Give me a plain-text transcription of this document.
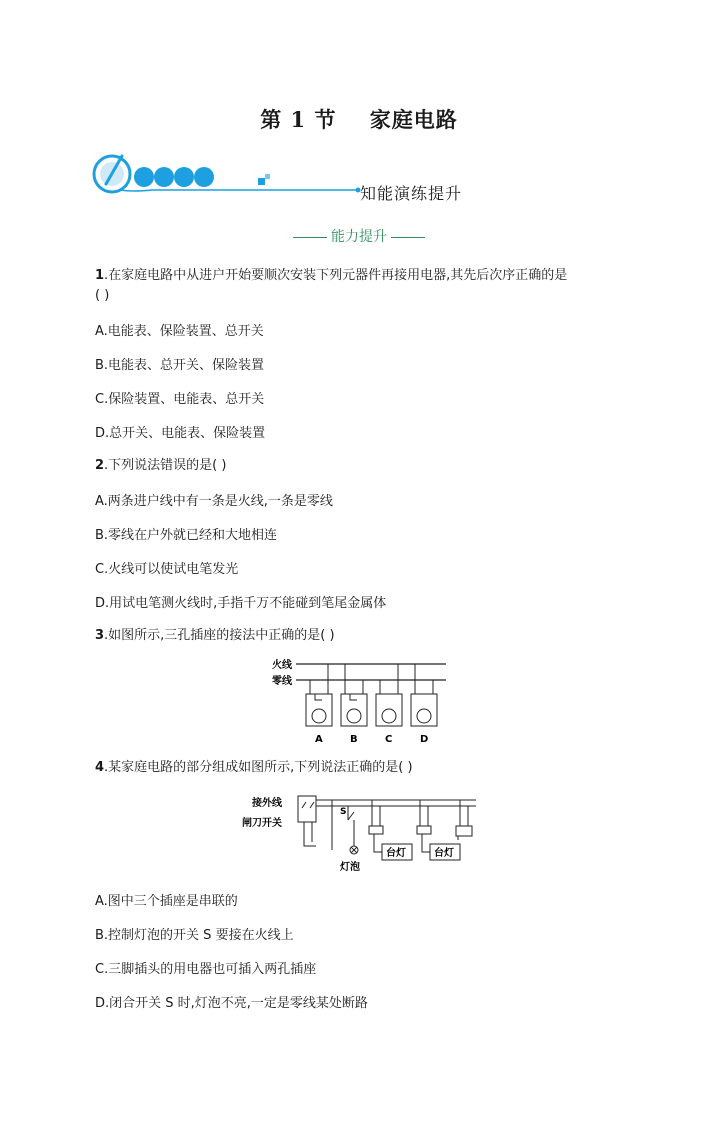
第 1 节    家庭电路
知能演练提升
能力提升
1.在家庭电路中从进户开始要顺次安装下列元器件再接用电器,其先后次序正确的是
( )
A.电能表、保险装置、总开关
B.电能表、总开关、保险装置
C.保险装置、电能表、总开关
D.总开关、电能表、保险装置
2.下列说法错误的是( )
A.两条进户线中有一条是火线,一条是零线
B.零线在户外就已经和大地相连
C.火线可以使试电笔发光
D.用试电笔测火线时,手指千万不能碰到笔尾金属体
3.如图所示,三孔插座的接法中正确的是( )
火线
零线
A	B	C	D
4.某家庭电路的部分组成如图所示,下列说法正确的是( )
接外线
闸刀开关
S
灯泡
台灯	台灯
A.图中三个插座是串联的
B.控制灯泡的开关 S 要接在火线上
C.三脚插头的用电器也可插入两孔插座
D.闭合开关 S 时,灯泡不亮,一定是零线某处断路
